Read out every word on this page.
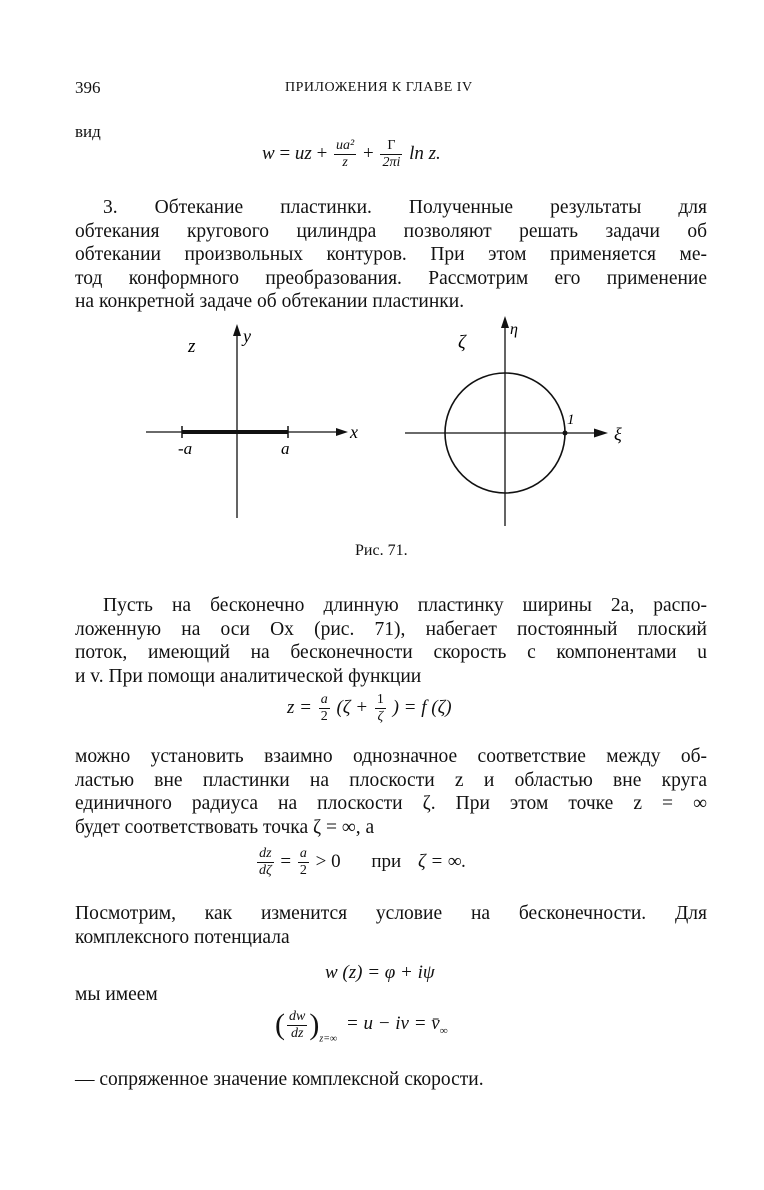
396	ПРИЛОЖЕНИЯ К ГЛАВЕ IV
вид
w = uz + $\frac{\text{ua²}}{z} + \frac{\Gamma}{2\pi i}$ ln z.
3. Обтекание пластинки. Полученные результаты для
обтекания кругового цилиндра позволяют решать задачи об
обтекании произвольных контуров. При этом применяется ме-
тод конформного преобразования. Рассмотрим его применение
на конкретной задаче об обтекании пластинки.
z	y
x
-a	a
ζ
η
ξ
1
Рис. 71.
Пусть на бесконечно длинную пластинку ширины 2a, распо-
ложенную на оси Ox (рис. 71), набегает постоянный плоский
поток, имеющий на бесконечности скорость с компонентами u
и v. При помощи аналитической функции
$z = \frac{a}{2} (\zeta + \frac{1}{\zeta}$ ) = f (ζ)
можно установить взаимно однозначное соответствие между об-
ластью вне пластинки на плоскости z и областью вне круга
единичного радиуса на плоскости ζ. При этом точке z = ∞
будет соответствовать точка ζ = ∞, а
$\frac{dz}{d\zeta} = \frac{a}{2} > 0$ при ζ = ∞.
Посмотрим, как изменится условие на бесконечности. Для
комплексного потенциала
w (z) = φ + iψ
мы имеем
( $\frac{dw}{dz} )_{z=\infty} = u$ − iv = $v̄_\infty$
— сопряженное значение комплексной скорости.
